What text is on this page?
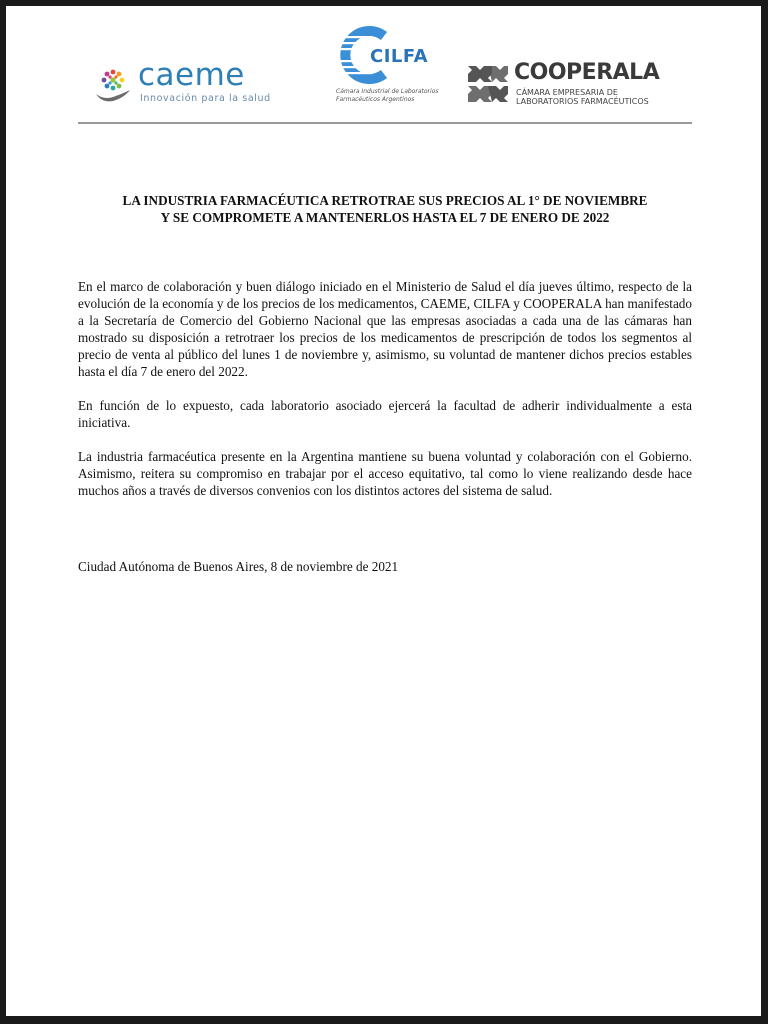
caeme
Innovación para la salud
CILFA
Cámara Industrial de Laboratorios
Farmacéuticos Argentinos
COOPERALA
CÁMARA EMPRESARIA DE
LABORATORIOS FARMACÉUTICOS
LA INDUSTRIA FARMACÉUTICA RETROTRAE SUS PRECIOS AL 1° DE NOVIEMBRE
Y SE COMPROMETE A MANTENERLOS HASTA EL 7 DE ENERO DE 2022

En el marco de colaboración y buen diálogo iniciado en el Ministerio de Salud el día jueves último, respecto de la evolución de la economía y de los precios de los medicamentos, CAEME, CILFA y COOPERALA han manifestado a la Secretaría de Comercio del Gobierno Nacional que las empresas asociadas a cada una de las cámaras han mostrado su disposición a retrotraer los precios de los medicamentos de prescripción de todos los segmentos al precio de venta al público del lunes 1 de noviembre y, asimismo, su voluntad de mantener dichos precios estables hasta el día 7 de enero del 2022.

En función de lo expuesto, cada laboratorio asociado ejercerá la facultad de adherir individualmente a esta iniciativa.

La industria farmacéutica presente en la Argentina mantiene su buena voluntad y colaboración con el Gobierno. Asimismo, reitera su compromiso en trabajar por el acceso equitativo, tal como lo viene realizando desde hace muchos años a través de diversos convenios con los distintos actores del sistema de salud.

Ciudad Autónoma de Buenos Aires, 8 de noviembre de 2021
